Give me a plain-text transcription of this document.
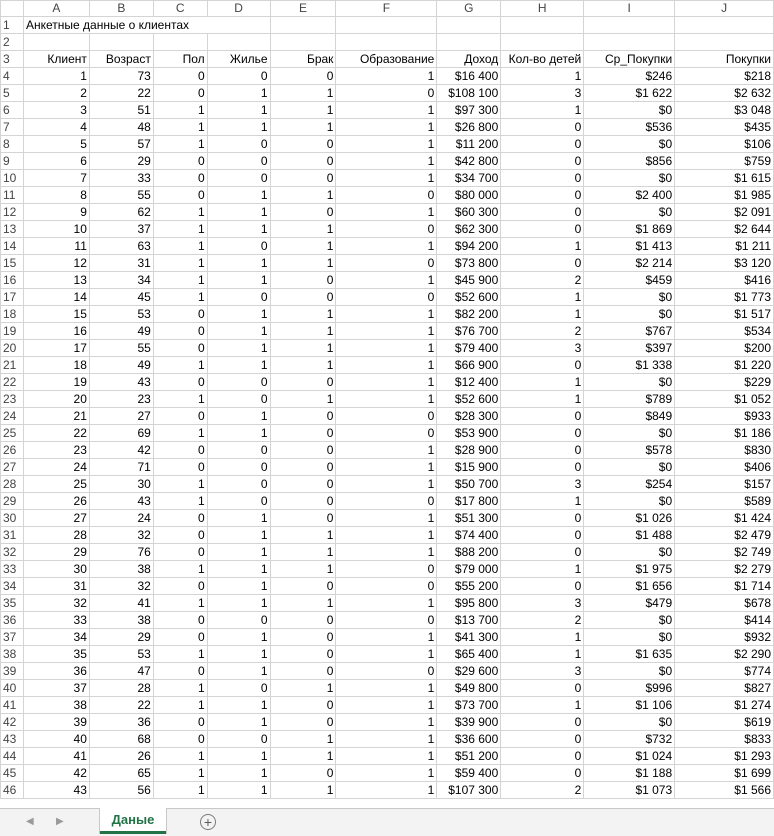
	A	B	C	D	E	F	G	H	I	J
1	Анкетные данные о клиентах									
2										
3	Клиент	Возраст	Пол	Жилье	Брак	Образование	Доход	Кол-во детей	Ср_Покупки	Покупки
4	1	73	0	0	0	1	$16 400	1	$246	$218
5	2	22	0	1	1	0	$108 100	3	$1 622	$2 632
6	3	51	1	1	1	1	$97 300	1	$0	$3 048
7	4	48	1	1	1	1	$26 800	0	$536	$435
8	5	57	1	0	0	1	$11 200	0	$0	$106
9	6	29	0	0	0	1	$42 800	0	$856	$759
10	7	33	0	0	0	1	$34 700	0	$0	$1 615
11	8	55	0	1	1	0	$80 000	0	$2 400	$1 985
12	9	62	1	1	0	1	$60 300	0	$0	$2 091
13	10	37	1	1	1	0	$62 300	0	$1 869	$2 644
14	11	63	1	0	1	1	$94 200	1	$1 413	$1 211
15	12	31	1	1	1	0	$73 800	0	$2 214	$3 120
16	13	34	1	1	0	1	$45 900	2	$459	$416
17	14	45	1	0	0	0	$52 600	1	$0	$1 773
18	15	53	0	1	1	1	$82 200	1	$0	$1 517
19	16	49	0	1	1	1	$76 700	2	$767	$534
20	17	55	0	1	1	1	$79 400	3	$397	$200
21	18	49	1	1	1	1	$66 900	0	$1 338	$1 220
22	19	43	0	0	0	1	$12 400	1	$0	$229
23	20	23	1	0	1	1	$52 600	1	$789	$1 052
24	21	27	0	1	0	0	$28 300	0	$849	$933
25	22	69	1	1	0	0	$53 900	0	$0	$1 186
26	23	42	0	0	0	1	$28 900	0	$578	$830
27	24	71	0	0	0	1	$15 900	0	$0	$406
28	25	30	1	0	0	1	$50 700	3	$254	$157
29	26	43	1	0	0	0	$17 800	1	$0	$589
30	27	24	0	1	0	1	$51 300	0	$1 026	$1 424
31	28	32	0	1	1	1	$74 400	0	$1 488	$2 479
32	29	76	0	1	1	1	$88 200	0	$0	$2 749
33	30	38	1	1	1	0	$79 000	1	$1 975	$2 279
34	31	32	0	1	0	0	$55 200	0	$1 656	$1 714
35	32	41	1	1	1	1	$95 800	3	$479	$678
36	33	38	0	0	0	0	$13 700	2	$0	$414
37	34	29	0	1	0	1	$41 300	1	$0	$932
38	35	53	1	1	0	1	$65 400	1	$1 635	$2 290
39	36	47	0	1	0	0	$29 600	3	$0	$774
40	37	28	1	0	1	1	$49 800	0	$996	$827
41	38	22	1	1	0	1	$73 700	1	$1 106	$1 274
42	39	36	0	1	0	1	$39 900	0	$0	$619
43	40	68	0	0	1	1	$36 600	0	$732	$833
44	41	26	1	1	1	1	$51 200	0	$1 024	$1 293
45	42	65	1	1	0	1	$59 400	0	$1 188	$1 699
46	43	56	1	1	1	1	$107 300	2	$1 073	$1 566
◀ ▶	Даные	+
